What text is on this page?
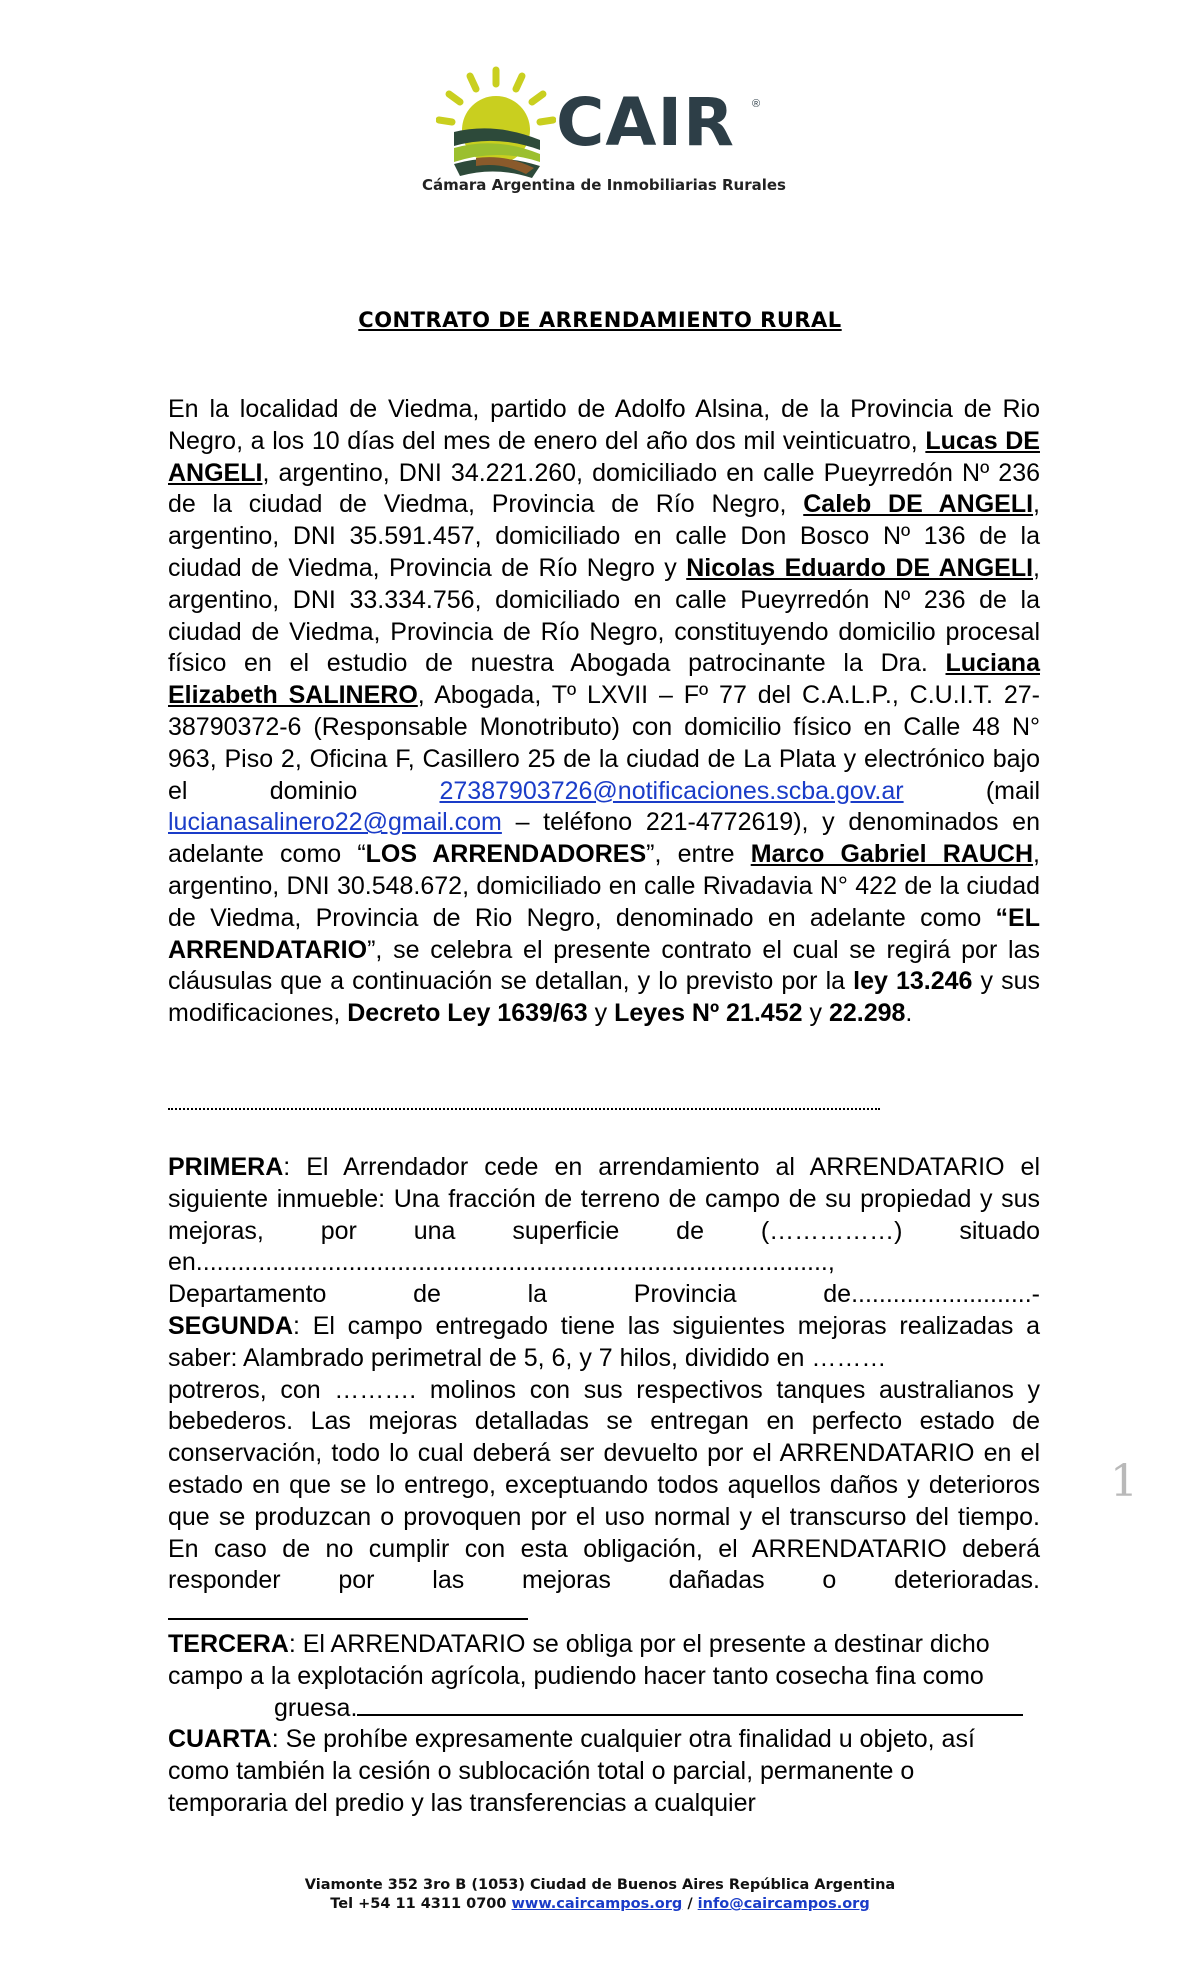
CAIR ®
Cámara Argentina de Inmobiliarias Rurales
CONTRATO DE ARRENDAMIENTO RURAL
En la localidad de Viedma, partido de Adolfo Alsina, de la Provincia de Rio Negro, a los 10 días del mes de enero del año dos mil veinticuatro, Lucas DE ANGELI, argentino, DNI 34.221.260, domiciliado en calle Pueyrredón Nº 236 de la ciudad de Viedma, Provincia de Río Negro, Caleb DE ANGELI, argentino, DNI 35.591.457, domiciliado en calle Don Bosco Nº 136 de la ciudad de Viedma, Provincia de Río Negro y Nicolas Eduardo DE ANGELI, argentino, DNI 33.334.756, domiciliado en calle Pueyrredón Nº 236 de la ciudad de Viedma, Provincia de Río Negro, constituyendo domicilio procesal físico en el estudio de nuestra Abogada patrocinante la Dra. Luciana Elizabeth SALINERO, Abogada, Tº LXVII – Fº 77 del C.A.L.P., C.U.I.T. 27-38790372-6 (Responsable Monotributo) con domicilio físico en Calle 48 N° 963, Piso 2, Oficina F, Casillero 25 de la ciudad de La Plata y electrónico bajo el dominio 27387903726@notificaciones.scba.gov.ar (mail lucianasalinero22@gmail.com – teléfono 221-4772619), y denominados en adelante como “LOS ARRENDADORES”, entre Marco Gabriel RAUCH, argentino, DNI 30.548.672, domiciliado en calle Rivadavia N° 422 de la ciudad de Viedma, Provincia de Rio Negro, denominado en adelante como “EL ARRENDATARIO”, se celebra el presente contrato el cual se regirá por las cláusulas que a continuación se detallan, y lo previsto por la ley 13.246 y sus modificaciones, Decreto Ley 1639/63 y Leyes Nº 21.452 y 22.298.
PRIMERA: El Arrendador cede en arrendamiento al ARRENDATARIO el siguiente inmueble: Una fracción de terreno de campo de su propiedad y sus mejoras, por una superficie de (……………) situado en...........................................................................................,
Departamento de la Provincia de..........................-
SEGUNDA: El campo entregado tiene las siguientes mejoras realizadas a saber: Alambrado perimetral de 5, 6, y 7 hilos, dividido en ………
potreros, con ………. molinos con sus respectivos tanques australianos y bebederos. Las mejoras detalladas se entregan en perfecto estado de conservación, todo lo cual deberá ser devuelto por el ARRENDATARIO en el estado en que se lo entrego, exceptuando todos aquellos daños y deterioros que se produzcan o provoquen por el uso normal y el transcurso del tiempo. En caso de no cumplir con esta obligación, el ARRENDATARIO deberá responder por las mejoras dañadas o deterioradas.
TERCERA: El ARRENDATARIO se obliga por el presente a destinar dicho campo a la explotación agrícola, pudiendo hacer tanto cosecha fina como
gruesa.
CUARTA: Se prohíbe expresamente cualquier otra finalidad u objeto, así como también la cesión o sublocación total o parcial, permanente o temporaria del predio y las transferencias a cualquier
1
Viamonte 352 3ro B (1053) Ciudad de Buenos Aires República Argentina
Tel +54 11 4311 0700 www.caircampos.org / info@caircampos.org
